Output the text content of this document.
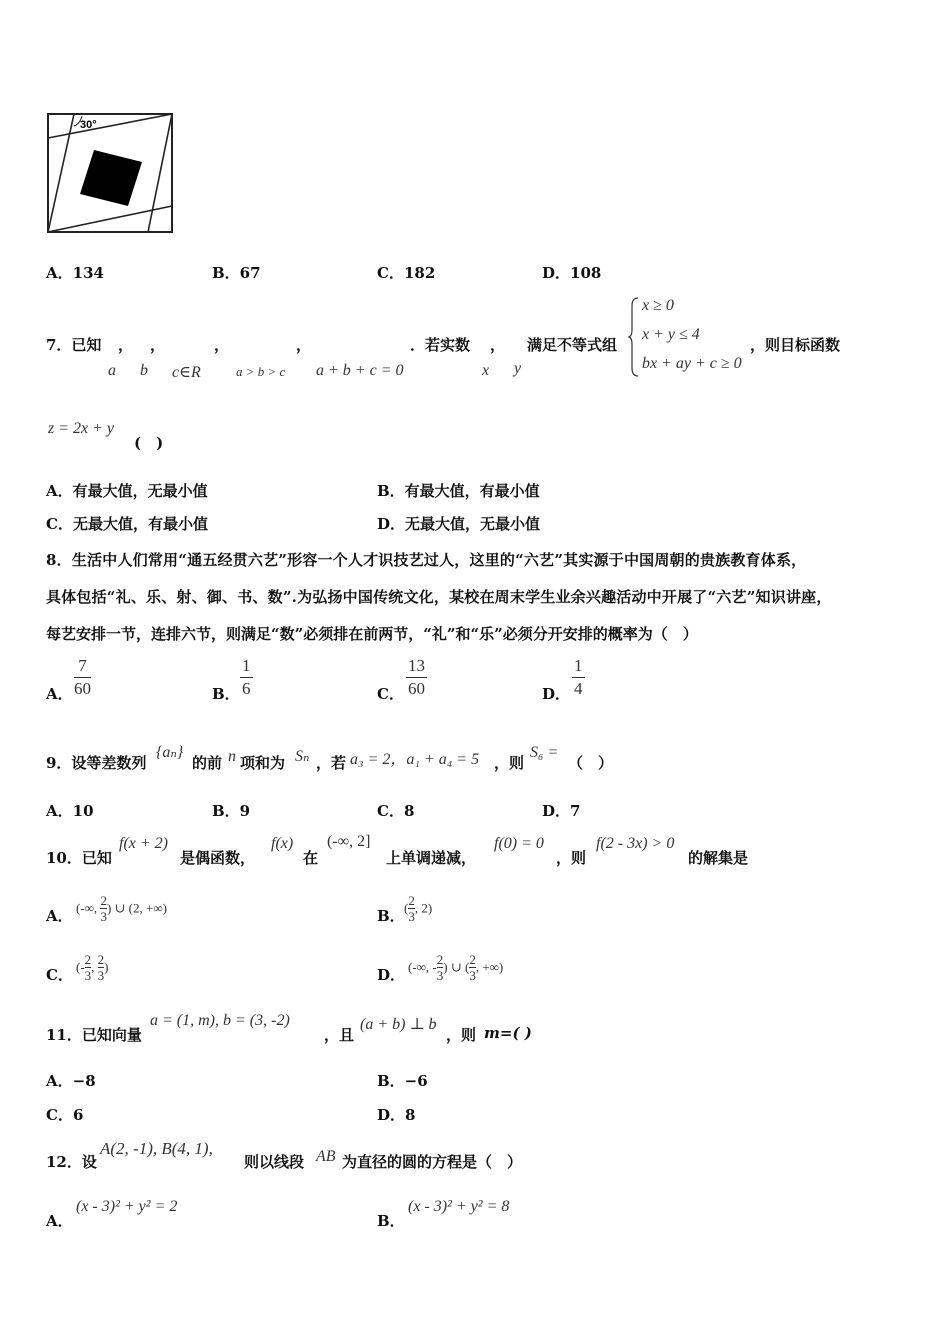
30°
A．134	B．67	C．182	D．108
7．已知 ， ，	，	，	．若实数 ， 满足不等式组	，则目标函数
a b c∈R	a > b > c a + b + c = 0	x y
x ≥ 0
x + y ≤ 4
bx + ay + c ≥ 0
z = 2x + y
(　)
A．有最大值，无最小值	B．有最大值，有最小值
C．无最大值，有最小值	D．无最大值，无最小值
8．生活中人们常用“通五经贯六艺”形容一个人才识技艺过人，这里的“六艺”其实源于中国周朝的贵族教育体系，
具体包括“礼、乐、射、御、书、数”.为弘扬中国传统文化，某校在周末学生业余兴趣活动中开展了“六艺”知识讲座，
每艺安排一节，连排六节，则满足“数”必须排在前两节，“礼”和“乐”必须分开安排的概率为（　）
A． $\frac{7}{60}$	B． $\frac{1}{6}$	C． $\frac{13}{60}$	D． $\frac{1}{4}$
9．设等差数列
{aₙ}
的前 n 项和为 Sₙ ，若 a₃ = 2，a₁ + a₄ = 5 ，则
S₆ =
（　）
A．10	B．9	C．8	D．7
10．已知
f(x + 2)
是偶函数，
f(x)
在
(-∞, 2]
上单调递减，
f(0) = 0
，则
f(2 - 3x) > 0
的解集是
A． (-∞, $\frac{2}{3}$ ) ∪ (2, +∞)	B． ( $\frac{2}{3}$ , 2)
C． (- $\frac{2}{3}$ , $\frac{2}{3}$ )	D． (-∞, - $\frac{2}{3}$ ) ∪ ( $\frac{2}{3}$ , +∞)
11．已知向量
a = (1, m), b = (3, -2)
，且
(a + b) ⊥ b
，则 m=( )
A．−8	B．−6
C．6	D．8
12．设
A(2, -1), B(4, 1),
则以线段 AB 为直径的圆的方程是（　）
A．
(x - 3)² + y² = 2
B．
(x - 3)² + y² = 8
